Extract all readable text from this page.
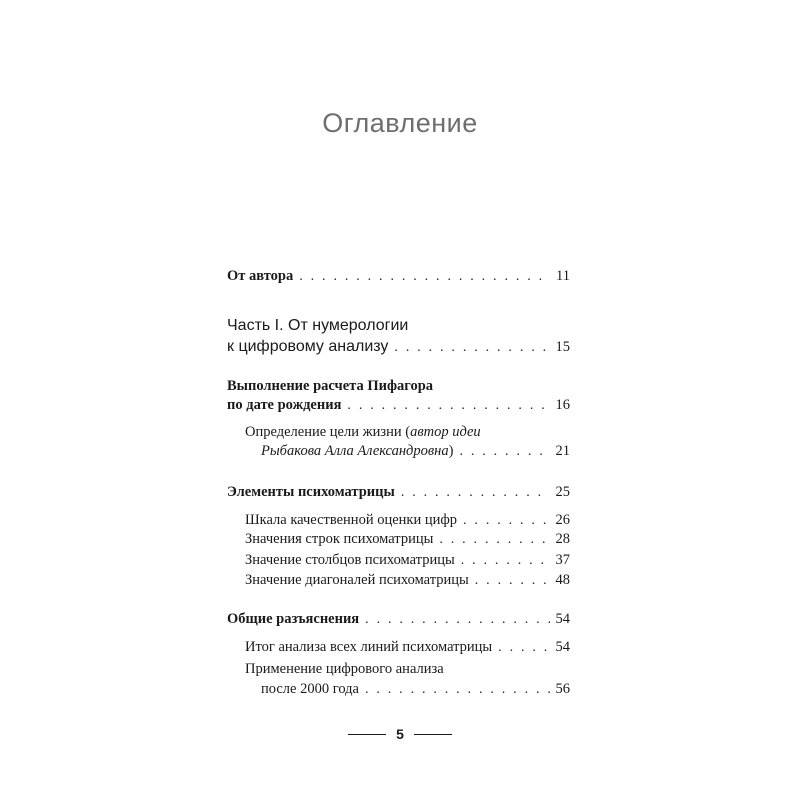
Оглавление
От автора . . .	11
Часть I. От нумерологии
к цифровому анализу . . .	15
Выполнение расчета Пифагора
по дате рождения . . .	16
Определение цели жизни (автор идеи
Рыбакова Алла Александровна) . . .	21
Элементы психоматрицы . . .	25
Шкала качественной оценки цифр . . .	26
Значения строк психоматрицы . . .	28
Значение столбцов психоматрицы . . .	37
Значение диагоналей психоматрицы . . .	48
Общие разъяснения . . .	54
Итог анализа всех линий психоматрицы . . .	54
Применение цифрового анализа
после 2000 года . . .	56
5
